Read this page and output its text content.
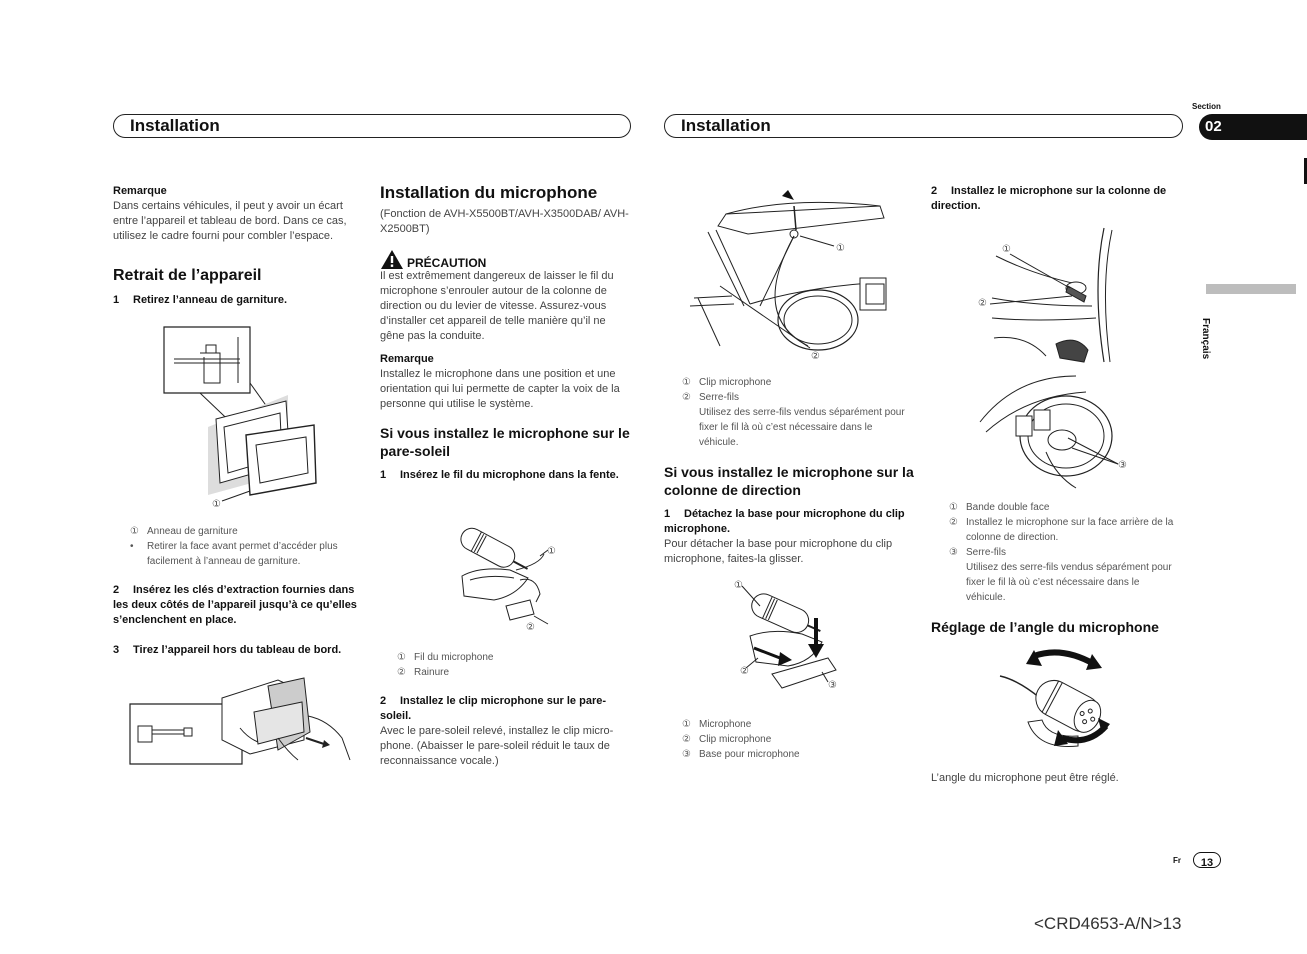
Installation	Installation
Section
02
Français
Remarque
Dans certains véhicules, il peut y avoir un écart entre l’appareil et tableau de bord. Dans ce cas, utilisez le cadre fourni pour combler l’espace.
Retrait de l’appareil
1 Retirez l’anneau de garniture.
①
① Anneau de garniture
•	Retirer la face avant permet d’accéder plus facilement à l’anneau de garniture.
2 Insérez les clés d’extraction fournies dans les deux côtés de l’appareil jusqu’à ce qu’elles s’enclenchent en place.
3 Tirez l’appareil hors du tableau de bord.
Installation du microphone
(Fonction de AVH-X5500BT/AVH-X3500DAB/ AVH-X2500BT)
PRÉCAUTION
Il est extrêmement dangereux de laisser le fil du microphone s’enrouler autour de la colonne de direction ou du levier de vitesse. Assurez-vous d’installer cet appareil de telle manière qu’il ne gêne pas la conduite.
Remarque
Installez le microphone dans une position et une orientation qui lui permette de capter la voix de la personne qui utilise le système.
Si vous installez le microphone sur le pare-soleil
1 Insérez le fil du microphone dans la fente.
①
②
① Fil du microphone
② Rainure
2 Installez le clip microphone sur le pare-soleil.
Avec le pare-soleil relevé, installez le clip micro-phone. (Abaisser le pare-soleil réduit le taux de reconnaissance vocale.)
①
②
① Clip microphone
② Serre-fils
Utilisez des serre-fils vendus séparément pour fixer le fil là où c’est nécessaire dans le véhicule.
Si vous installez le microphone sur la colonne de direction
1 Détachez la base pour microphone du clip microphone.
Pour détacher la base pour microphone du clip microphone, faites-la glisser.
①
②
③
① Microphone
② Clip microphone
③ Base pour microphone
2 Installez le microphone sur la colonne de direction.
①
②
③
① Bande double face
② Installez le microphone sur la face arrière de la colonne de direction.
③ Serre-fils
Utilisez des serre-fils vendus séparément pour fixer le fil là où c’est nécessaire dans le véhicule.
Réglage de l’angle du microphone
L’angle du microphone peut être réglé.
Fr	13
<CRD4653-A/N>13
